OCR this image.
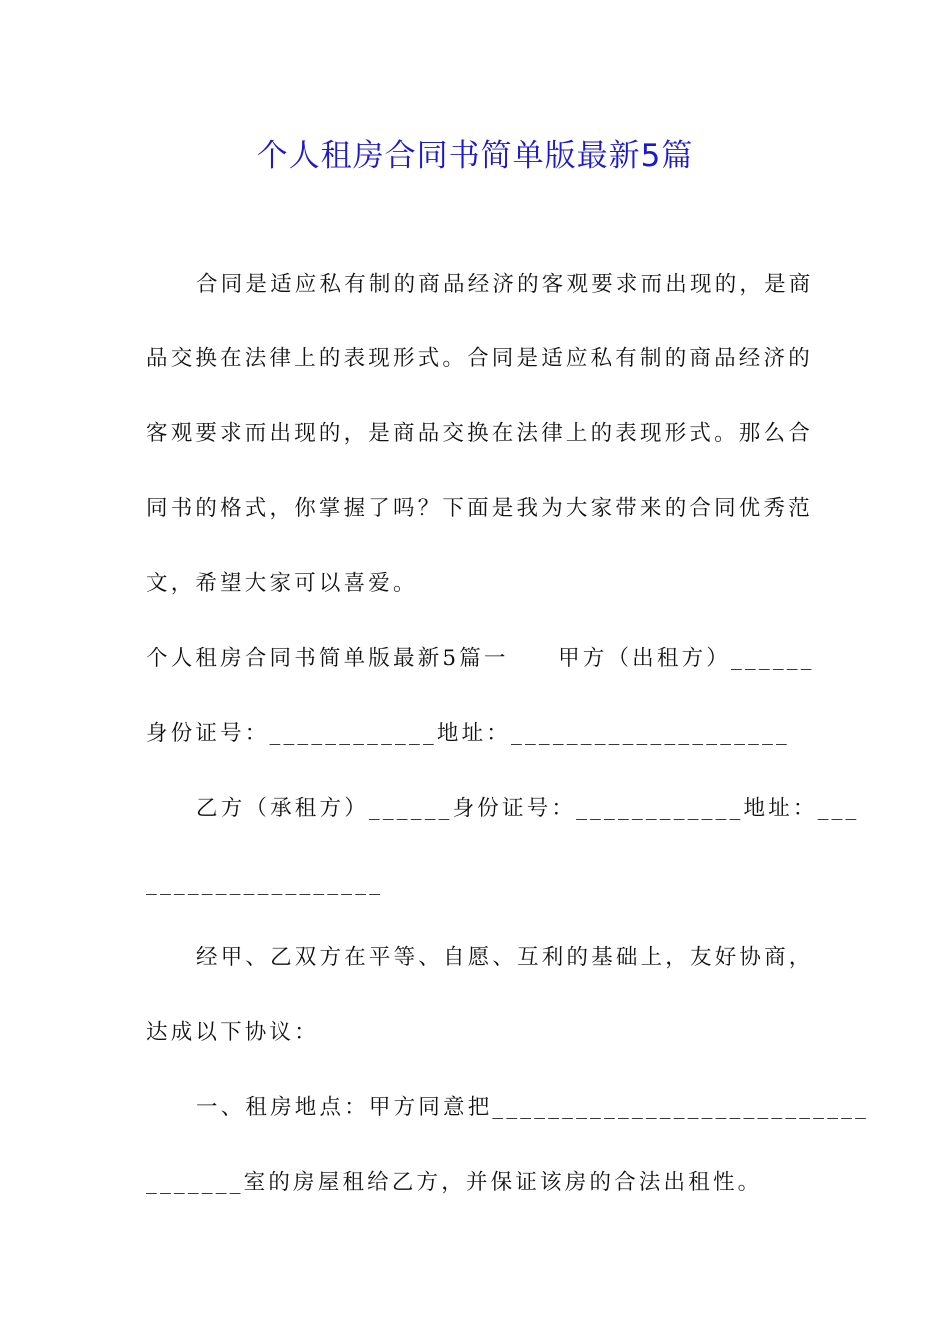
个人租房合同书简单版最新5篇
合同是适应私有制的商品经济的客观要求而出现的，是商
品交换在法律上的表现形式。合同是适应私有制的商品经济的
客观要求而出现的，是商品交换在法律上的表现形式。那么合
同书的格式，你掌握了吗？下面是我为大家带来的合同优秀范
文，希望大家可以喜爱。
个人租房合同书简单版最新5篇一　　甲方（出租方）______
身份证号：____________地址：____________________
乙方（承租方）______身份证号：____________地址：___
_________________
经甲、乙双方在平等、自愿、互利的基础上，友好协商，
达成以下协议：
一、租房地点：甲方同意把___________________________
_______室的房屋租给乙方，并保证该房的合法出租性。
